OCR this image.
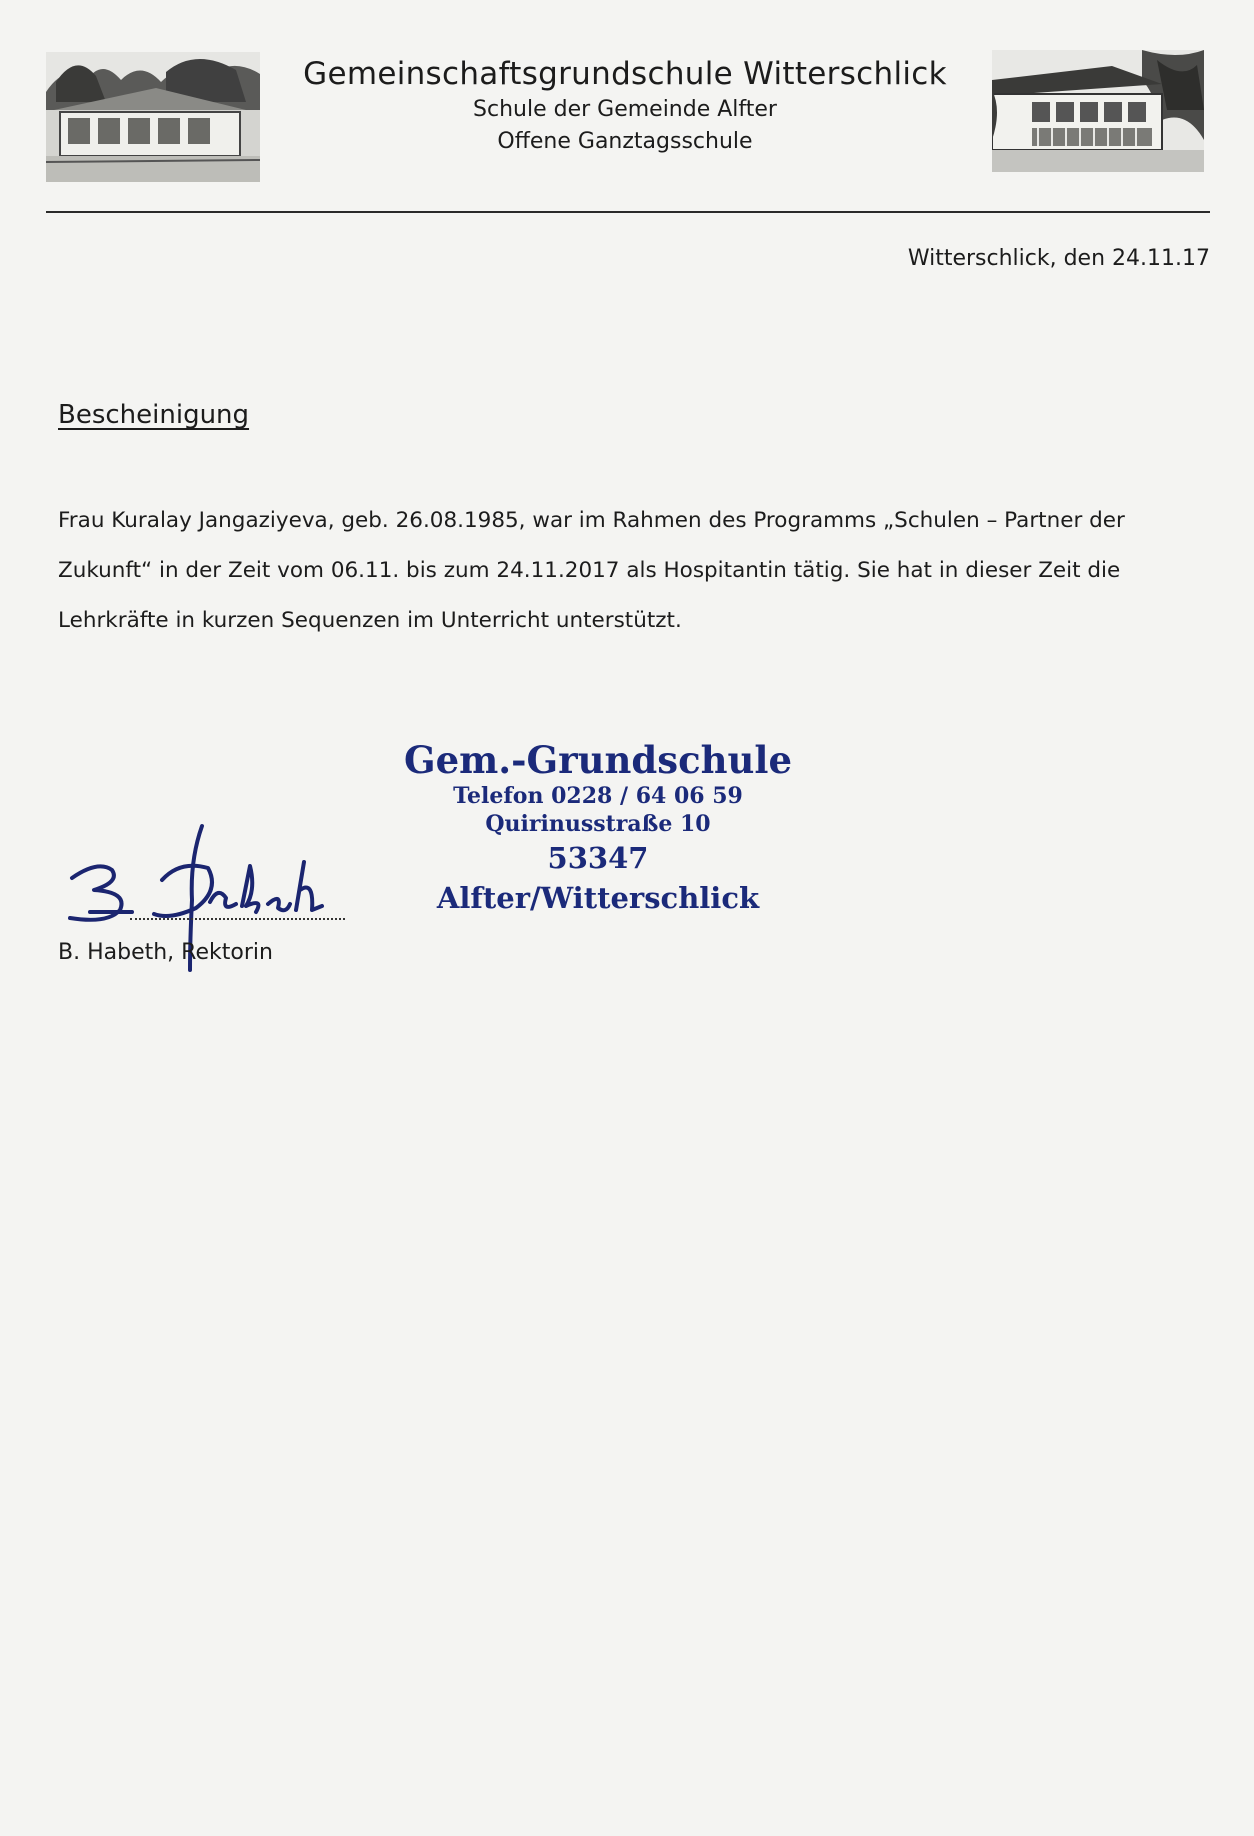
Gemeinschaftsgrundschule Witterschlick
Schule der Gemeinde Alfter
Offene Ganztagsschule
Witterschlick, den 24.11.17
Bescheinigung
Frau Kuralay Jangaziyeva, geb. 26.08.1985, war im Rahmen des Programms „Schulen – Partner der
Zukunft“ in der Zeit vom 06.11. bis zum 24.11.2017 als Hospitantin tätig. Sie hat in dieser Zeit die
Lehrkräfte in kurzen Sequenzen im Unterricht unterstützt.
Gem.-Grundschule
Telefon 0228 / 64 06 59
Quirinusstraße 10
53347 Alfter/Witterschlick
B. Habeth, Rektorin
